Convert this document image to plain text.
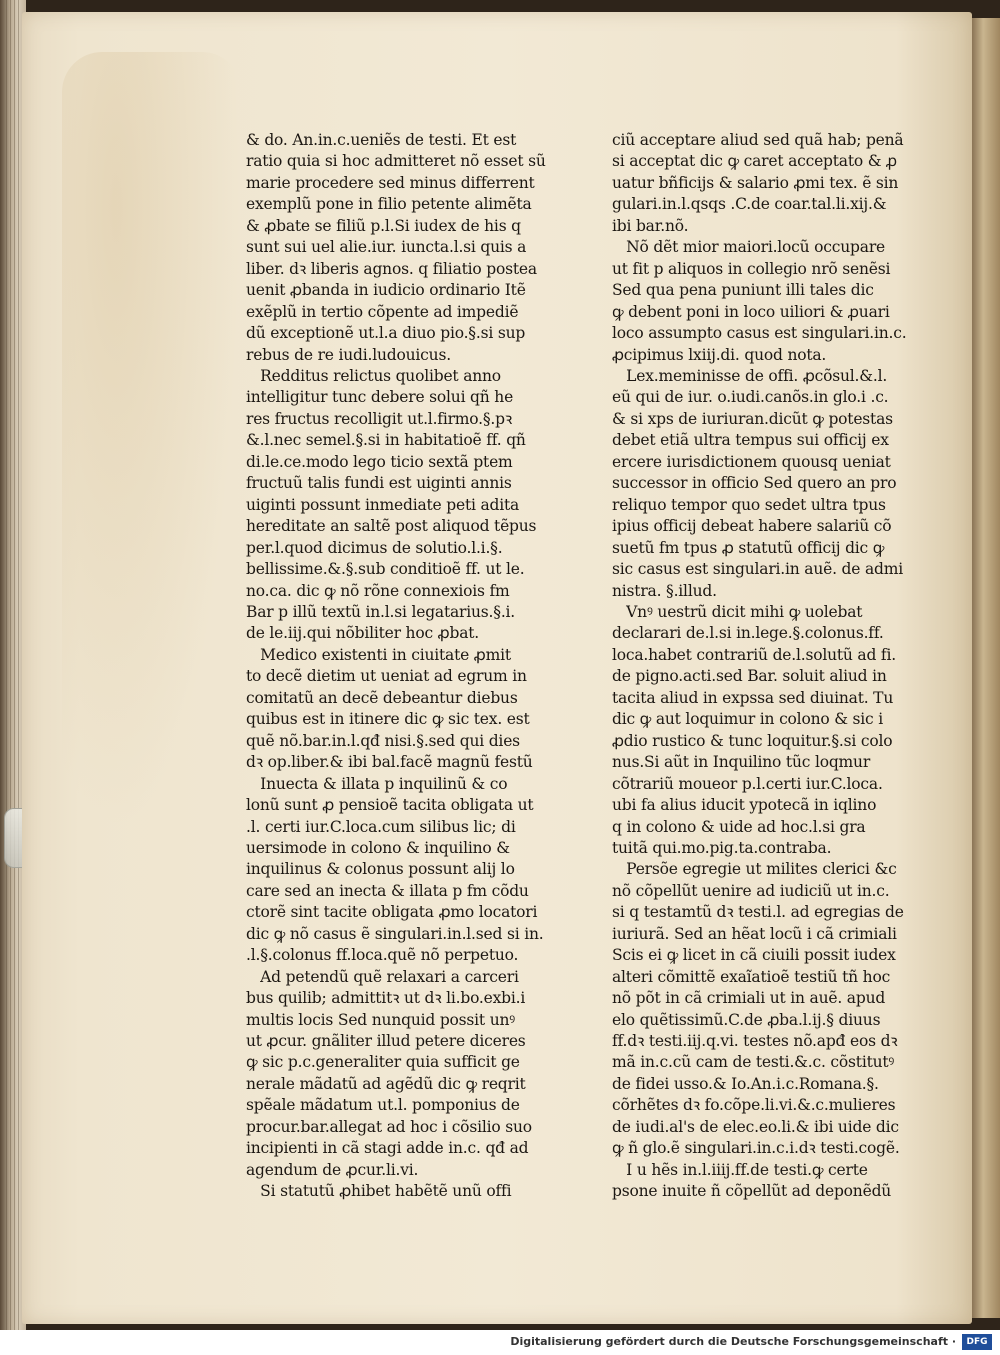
& do. An.in.c.ueniẽs de testi. Et est
ratio quia si hoc admitteret nõ esset sũ
marie procedere sed minus differrent
exemplũ pone in filio petente alimẽta
& ꝓbate se filiũ p.l.Si iudex de his q
sunt sui uel alie.iur. iuncta.l.si quis a
liber. dꝛ liberis agnos. q filiatio postea
uenit ꝓbanda in iudicio ordinario Itẽ
exẽplũ in tertio cõpente ad impediẽ
dũ exceptionẽ ut.l.a diuo pio.§.si sup
rebus de re iudi.ludouicus.
Redditus relictus quolibet anno
intelligitur tunc debere solui qñ he
res fructus recolligit ut.l.firmo.§.pꝛ
&.l.nec semel.§.si in habitatioẽ ff. qñ
di.le.ce.modo lego ticio sextã ptem
fructuũ talis fundi est uiginti annis
uiginti possunt inmediate peti adita
hereditate an saltẽ post aliquod tẽpus
per.l.quod dicimus de solutio.l.i.§.
bellissime.&.§.sub conditioẽ ff. ut le.
no.ca. dic ꝙ nõ rõne connexiois fm
Bar p illũ textũ in.l.si legatarius.§.i.
de le.iij.qui nõbiliter hoc ꝓbat.
Medico existenti in ciuitate ꝓmit
to decẽ dietim ut ueniat ad egrum in
comitatũ an decẽ debeantur diebus
quibus est in itinere dic ꝙ sic tex. est
quẽ nõ.bar.in.l.qđ nisi.§.sed qui dies
dꝛ op.liber.& ibi bal.facẽ magnũ festũ
Inuecta & illata p inquilinũ & co
lonũ sunt ꝓ pensioẽ tacita obligata ut
.l. certi iur.C.loca.cum silibus lic; di
uersimode in colono & inquilino &
inquilinus & colonus possunt alij lo
care sed an inecta & illata p fm cõdu
ctorẽ sint tacite obligata ꝓmo locatori
dic ꝙ nõ casus ẽ singulari.in.l.sed si in.
.l.§.colonus ff.loca.quẽ nõ perpetuo.
Ad petendũ quẽ relaxari a carceri
bus quilib; admittitꝛ ut dꝛ li.bo.exbi.i
multis locis Sed nunquid possit unꝰ
ut ꝓcur. gnãliter illud petere diceres
ꝙ sic p.c.generaliter quia sufficit ge
nerale mãdatũ ad agẽdũ dic ꝙ reqrit
spẽale mãdatum ut.l. pomponius de
procur.bar.allegat ad hoc i cõsilio suo
incipienti in cã stagi adde in.c. qđ ad
agendum de ꝓcur.li.vi.
Si statutũ ꝓhibet habẽtẽ unũ offi
ciũ acceptare aliud sed quã hab; penã
si acceptat dic ꝙ caret acceptato & ꝓ
uatur bñficijs & salario ꝓmi tex. ẽ sin
gulari.in.l.qsqs .C.de coar.tal.li.xij.&
ibi bar.nõ.
Nõ dẽt mior maiori.locũ occupare
ut fit p aliquos in collegio nrõ senẽsi
Sed qua pena puniunt illi tales dic
ꝙ debent poni in loco uiliori & ꝓuari
loco assumpto casus est singulari.in.c.
ꝓcipimus lxiij.di. quod nota.
Lex.meminisse de offi. ꝓcõsul.&.l.
eũ qui de iur. o.iudi.canõs.in glo.i .c.
& si xps de iuriuran.dicũt ꝙ potestas
debet etiã ultra tempus sui officij ex
ercere iurisdictionem quousq ueniat
successor in officio Sed quero an pro
reliquo tempor quo sedet ultra tpus
ipius officij debeat habere salariũ cõ
suetũ fm tpus ꝓ statutũ officij dic ꝙ
sic casus est singulari.in auẽ. de admi
nistra. §.illud.
Vnꝰ uestrũ dicit mihi ꝙ uolebat
declarari de.l.si in.lege.§.colonus.ff.
loca.habet contrariũ de.l.solutũ ad fi.
de pigno.acti.sed Bar. soluit aliud in
tacita aliud in expssa sed diuinat. Tu
dic ꝙ aut loquimur in colono & sic i
ꝓdio rustico & tunc loquitur.§.si colo
nus.Si aũt in Inquilino tũc loqmur
cõtrariũ moueor p.l.certi iur.C.loca.
ubi fa alius iducit ypotecã in iqlino
q in colono & uide ad hoc.l.si gra
tuitã qui.mo.pig.ta.contraba.
Persõe egregie ut milites clerici &c
nõ cõpellũt uenire ad iudiciũ ut in.c.
si q testamtũ dꝛ testi.l. ad egregias de
iuriurã. Sed an hẽat locũ i cã crimiali
Scis ei ꝙ licet in cã ciuili possit iudex
alteri cõmittẽ exaĩatioẽ testiũ tñ hoc
nõ põt in cã crimiali ut in auẽ. apud
elo quẽtissimũ.C.de ꝓba.l.ij.§ diuus
ff.dꝛ testi.iij.q.vi. testes nõ.apđ eos dꝛ
mã in.c.cũ cam de testi.&.c. cõstitutꝰ
de fidei usso.& Io.An.i.c.Romana.§.
cõrhẽtes dꝛ fo.cõpe.li.vi.&.c.mulieres
de iudi.al's de elec.eo.li.& ibi uide dic
ꝙ ñ glo.ẽ singulari.in.c.i.dꝛ testi.cogẽ.
I u hẽs in.l.iiij.ff.de testi.ꝙ certe
psone inuite ñ cõpellũt ad deponẽdũ
Digitalisierung gefördert durch die Deutsche Forschungsgemeinschaft ·	DFG
